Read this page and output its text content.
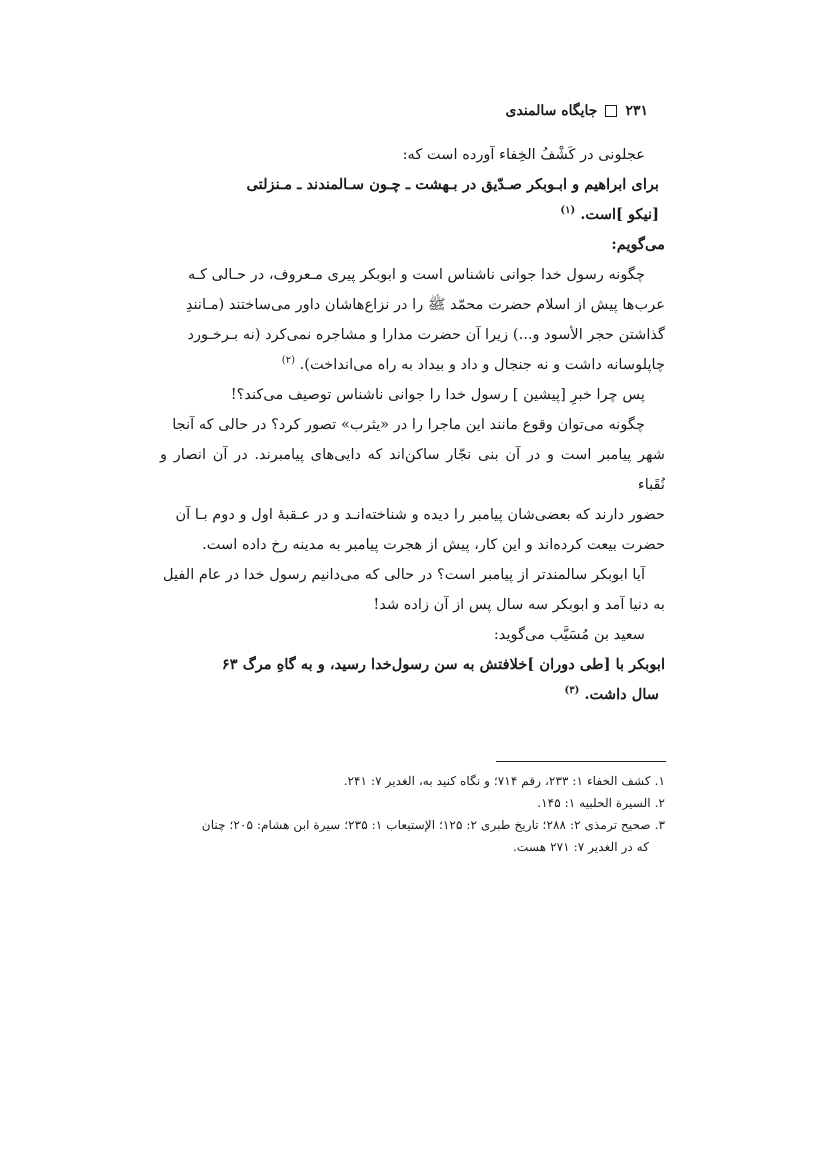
جایگاه سالمندی ۲۳۱

عجلونی در کَشْفُ الخِفاء آورده است که:

برای ابراهیم و ابـوبکر صـدّیق در بـهشت ـ چـون سـالمندند ـ مـنزلتی
[نیکو ]است. $^{(۱)}$

می‌گویم:

چگونه رسول خدا جوانی ناشناس است و ابوبکر پیری مـعروف، در حـالی کـه

عرب‌ها پیش از اسلام حضرت محمّد ﷺ را در نزاع‌هاشان داور می‌ساختند (مـانندِ
گذاشتن حجر الأسود و...) زیرا آن حضرت مدارا و مشاجره نمی‌کرد (نه بـرخـورد
چاپلوسانه داشت و نه جنجال و داد و بیداد به راه می‌انداخت). $^{(۲)}$

پس چرا خبرِ [پیشین ] رسول خدا را جوانی ناشناس توصیف می‌کند؟!

چگونه می‌توان وقوع مانند این ماجرا را در «یثرب» تصور کرد؟ در حالی که آنجا

شهر پیامبر است و در آن بنی نجّار ساکن‌اند که دایی‌های پیامبرند. در آن انصار و نُقَباء
حضور دارند که بعضی‌شان پیامبر را دیده و شناخته‌انـد و در عـقبهٔ اول و دوم بـا آن
حضرت بیعت کرده‌اند و این کار، پیش از هجرت پیامبر به مدینه رخ داده است.

آیا ابوبکر سالمندتر از پیامبر است؟ در حالی که می‌دانیم رسول خدا در عام الفیل

به دنیا آمد و ابوبکر سه سال پس از آن زاده شد!

سعید بن مُسَیَّب می‌گوید:

ابوبکر با [طی دوران ]خلافتش به سن رسول‌خدا رسید، و به گاهِ مرگ ۶۳
سال داشت. $^{(۳)}$

۱. کشف الخفاء ۱: ۲۳۳، رقم ۷۱۴؛ و نگاه کنید به، الغدیر ۷: ۲۴۱.

۲. السیرة الحلبیه ۱: ۱۴۵.

۳. صحیح ترمذی ۲: ۲۸۸؛ تاریخ طبری ۲: ۱۲۵؛ الإستیعاب ۱: ۲۳۵؛ سیرة ابن هشام: ۲۰۵؛ چنان

که در الغدیر ۷: ۲۷۱ هست.
